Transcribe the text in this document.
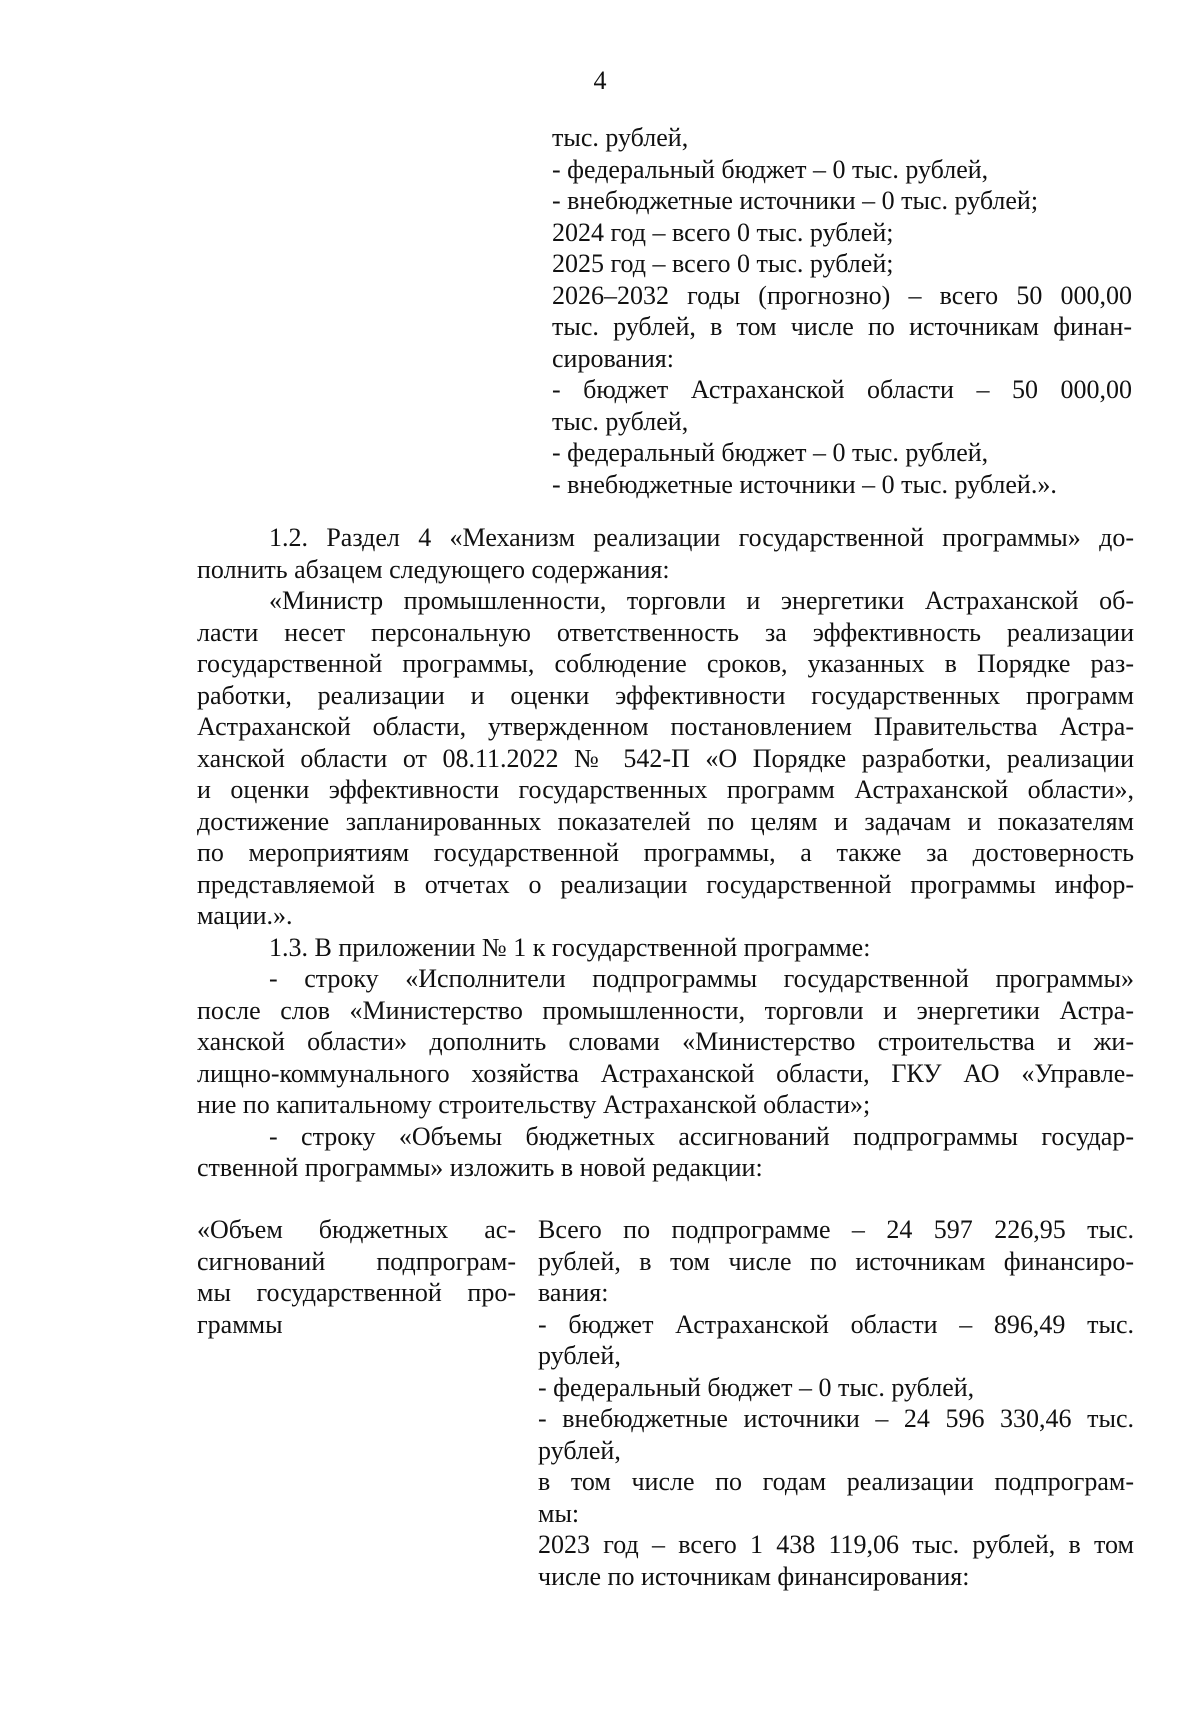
4
тыс. рублей,
- федеральный бюджет – 0 тыс. рублей,
- внебюджетные источники – 0 тыс. рублей;
2024 год – всего 0 тыс. рублей;
2025 год – всего 0 тыс. рублей;
2026–2032 годы (прогнозно) – всего 50 000,00
тыс. рублей, в том числе по источникам финан-
сирования:
- бюджет Астраханской области – 50 000,00
тыс. рублей,
- федеральный бюджет – 0 тыс. рублей,
- внебюджетные источники – 0 тыс. рублей.».
1.2. Раздел 4 «Механизм реализации государственной программы» до-
полнить абзацем следующего содержания:
«Министр промышленности, торговли и энергетики Астраханской об-
ласти несет персональную ответственность за эффективность реализации
государственной программы, соблюдение сроков, указанных в Порядке раз-
работки, реализации и оценки эффективности государственных программ
Астраханской области, утвержденном постановлением Правительства Астра-
ханской области от 08.11.2022 № 542-П «О Порядке разработки, реализации
и оценки эффективности государственных программ Астраханской области»,
достижение запланированных показателей по целям и задачам и показателям
по мероприятиям государственной программы, а также за достоверность
представляемой в отчетах о реализации государственной программы инфор-
мации.».
1.3. В приложении № 1 к государственной программе:
- строку «Исполнители подпрограммы государственной программы»
после слов «Министерство промышленности, торговли и энергетики Астра-
ханской области» дополнить словами «Министерство строительства и жи-
лищно-коммунального хозяйства Астраханской области, ГКУ АО «Управле-
ние по капитальному строительству Астраханской области»;
- строку «Объемы бюджетных ассигнований подпрограммы государ-
ственной программы» изложить в новой редакции:
«Объем бюджетных ас-
сигнований подпрограм-
мы государственной про-
граммы
Всего по подпрограмме – 24 597 226,95 тыс.
рублей, в том числе по источникам финансиро-
вания:
- бюджет Астраханской области – 896,49 тыс.
рублей,
- федеральный бюджет – 0 тыс. рублей,
- внебюджетные источники – 24 596 330,46 тыс.
рублей,
в том числе по годам реализации подпрограм-
мы:
2023 год – всего 1 438 119,06 тыс. рублей, в том
числе по источникам финансирования:
